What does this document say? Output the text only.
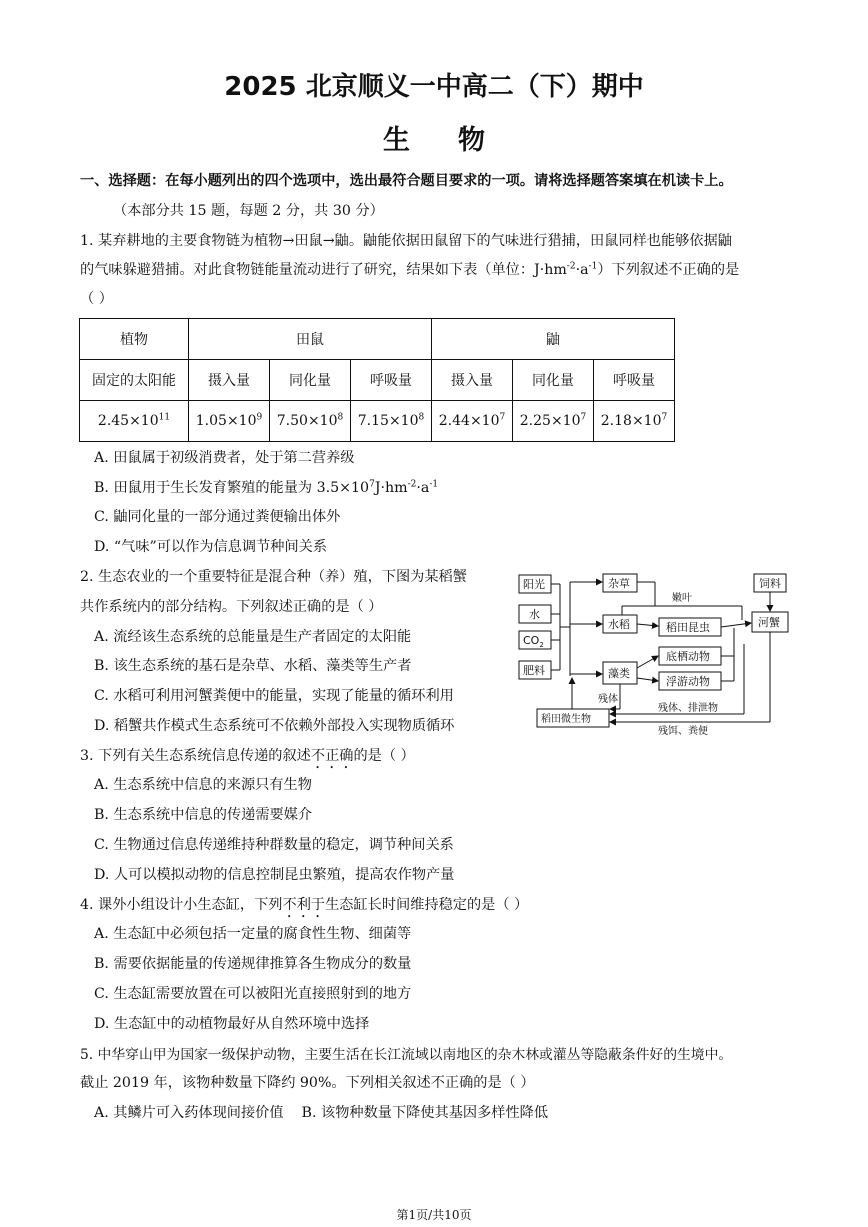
2025 北京顺义一中高二（下）期中
生物
一、选择题：在每小题列出的四个选项中，选出最符合题目要求的一项。请将选择题答案填在机读卡上。
（本部分共 15 题，每题 2 分，共 30 分）
1. 某弃耕地的主要食物链为植物→田鼠→鼬。鼬能依据田鼠留下的气味进行猎捕，田鼠同样也能够依据鼬
的气味躲避猎捕。对此食物链能量流动进行了研究，结果如下表（单位：$J\cdot hm^{-2}\cdot a^{-1}$）下列叙述不正确的是
（ ）
植物	田鼠			鼬		
固定的太阳能	摄入量	同化量	呼吸量	摄入量	同化量	呼吸量
$2.45\times 10^{11}$	$1.05\times 10^9$	$7.50\times 10^8$	$7.15\times 10^8$	$2.44\times 10^7$	$2.25\times 10^7$	$2.18\times 10^7$
A. 田鼠属于初级消费者，处于第二营养级
B. 田鼠用于生长发育繁殖的能量为 $3.5\times 10^7J\cdot hm^{-2}\cdot a^{-1}$
C. 鼬同化量的一部分通过粪便输出体外
D. “气味”可以作为信息调节种间关系
2. 生态农业的一个重要特征是混合种（养）殖，下图为某稻蟹
共作系统内的部分结构。下列叙述正确的是（ ）
A. 流经该生态系统的总能量是生产者固定的太阳能
B. 该生态系统的基石是杂草、水稻、藻类等生产者
C. 水稻可利用河蟹粪便中的能量，实现了能量的循环利用
D. 稻蟹共作模式生态系统可不依赖外部投入实现物质循环
阳光
水
$CO_2$
肥料
杂草
水稻
藻类
稻田昆虫
底栖动物
浮游动物
饲料
河蟹
稻田微生物
嫩叶
残体
残体、排泄物
残饵、粪便
3. 下列有关生态系统信息传递的叙述不正确的是（ ）
A. 生态系统中信息的来源只有生物
B. 生态系统中信息的传递需要媒介
C. 生物通过信息传递维持种群数量的稳定，调节种间关系
D. 人可以模拟动物的信息控制昆虫繁殖，提高农作物产量
4. 课外小组设计小生态缸，下列不利于生态缸长时间维持稳定的是（ ）
A. 生态缸中必须包括一定量的腐食性生物、细菌等
B. 需要依据能量的传递规律推算各生物成分的数量
C. 生态缸需要放置在可以被阳光直接照射到的地方
D. 生态缸中的动植物最好从自然环境中选择
5. 中华穿山甲为国家一级保护动物，主要生活在长江流域以南地区的杂木林或灌丛等隐蔽条件好的生境中。
截止 2019 年，该物种数量下降约 90%。下列相关叙述不正确的是（ ）
A. 其鳞片可入药体现间接价值    B. 该物种数量下降使其基因多样性降低
第1页/共10页
